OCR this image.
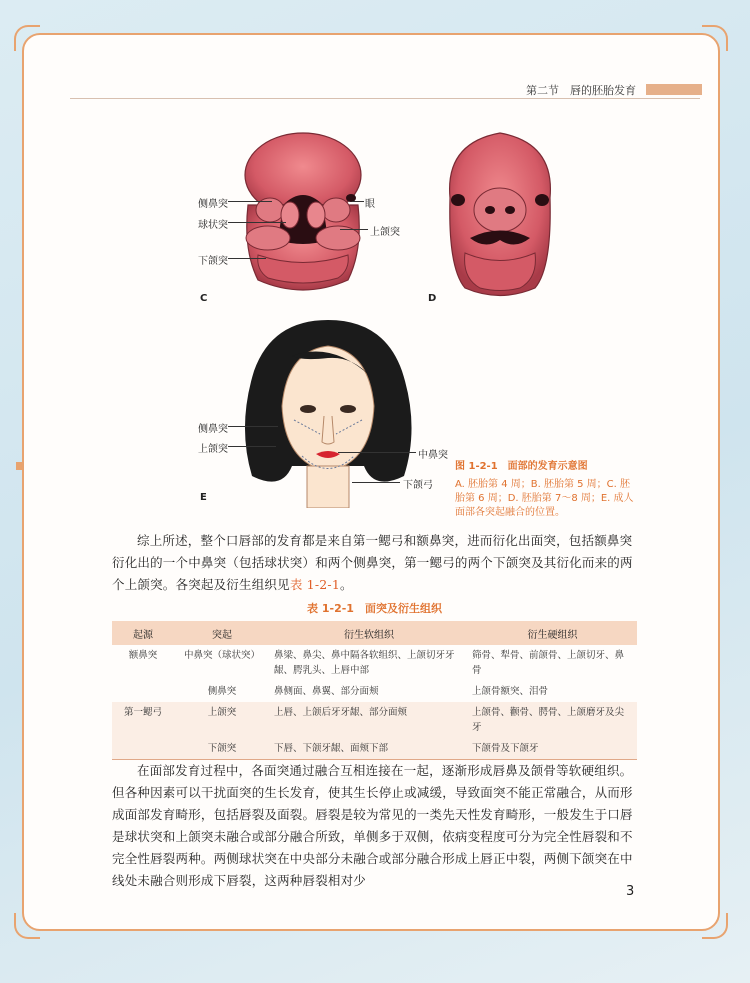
第二节　唇的胚胎发育
C
侧鼻突
球状突
下颌突
眼
上颌突
D
E
侧鼻突
上颌突
中鼻突
下颌弓
图 1-2-1　面部的发育示意图
A. 胚胎第 4 周；B. 胚胎第 5 周；C. 胚胎第 6 周；D. 胚胎第 7～8 周；E. 成人面部各突起融合的位置。
综上所述，整个口唇部的发育都是来自第一鳃弓和额鼻突，进而衍化出面突，包括额鼻突衍化出的一个中鼻突（包括球状突）和两个侧鼻突，第一鳃弓的两个下颌突及其衍化而来的两个上颌突。各突起及衍生组织见表 1-2-1。
表 1-2-1　面突及衍生组织
起源	突起	衍生软组织	衍生硬组织
额鼻突	中鼻突（球状突）	鼻梁、鼻尖、鼻中隔各软组织、上颌切牙牙龈、腭乳头、上唇中部	筛骨、犁骨、前颌骨、上颌切牙、鼻骨
	侧鼻突	鼻侧面、鼻翼、部分面颊	上颌骨额突、泪骨
第一鳃弓	上颌突	上唇、上颌后牙牙龈、部分面颊	上颌骨、颧骨、腭骨、上颌磨牙及尖牙
	下颌突	下唇、下颌牙龈、面颊下部	下颌骨及下颌牙
在面部发育过程中，各面突通过融合互相连接在一起，逐渐形成唇鼻及颌骨等软硬组织。但各种因素可以干扰面突的生长发育，使其生长停止或减缓，导致面突不能正常融合，从而形成面部发育畸形，包括唇裂及面裂。唇裂是较为常见的一类先天性发育畸形，一般发生于口唇是球状突和上颌突未融合或部分融合所致，单侧多于双侧，依病变程度可分为完全性唇裂和不完全性唇裂两种。两侧球状突在中央部分未融合或部分融合形成上唇正中裂，两侧下颌突在中线处未融合则形成下唇裂，这两种唇裂相对少
3
